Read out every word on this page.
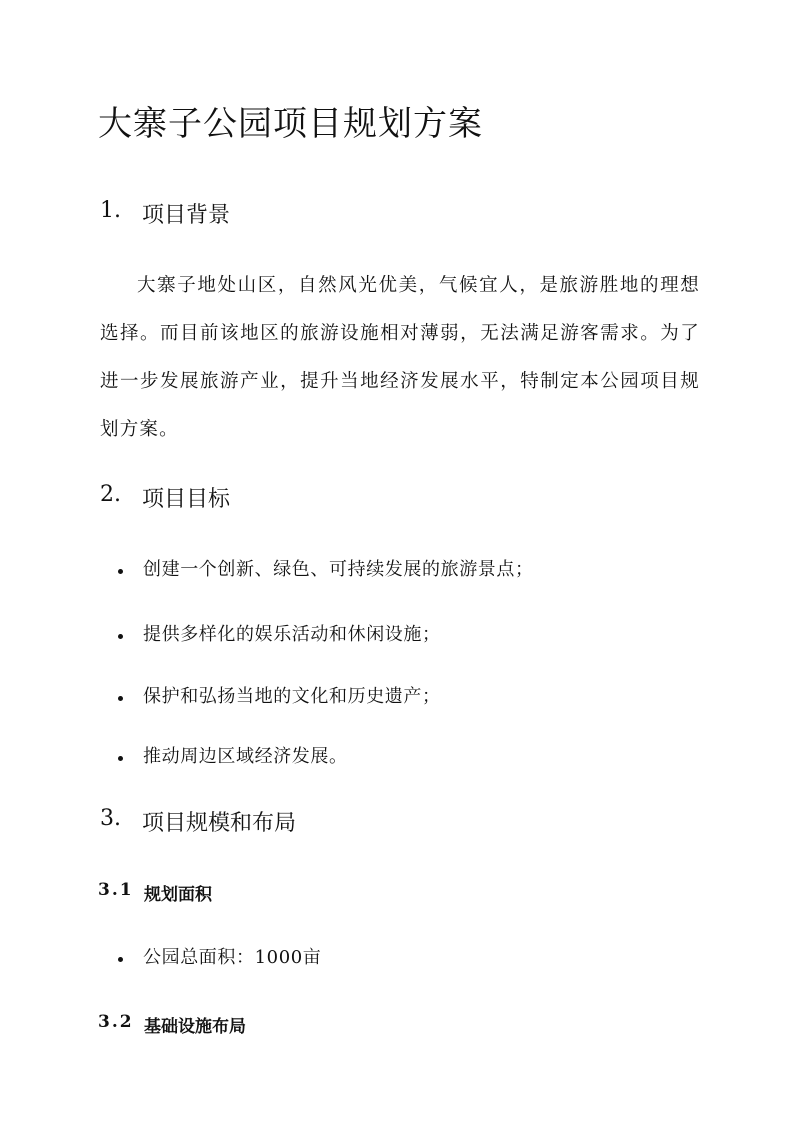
大寨子公园项目规划方案
1. 项目背景

大寨子地处山区，自然风光优美，气候宜人，是旅游胜地的理想选择。而目前该地区的旅游设施相对薄弱，无法满足游客需求。为了进一步发展旅游产业，提升当地经济发展水平，特制定本公园项目规划方案。

2. 项目目标
创建一个创新、绿色、可持续发展的旅游景点；
提供多样化的娱乐活动和休闲设施；
保护和弘扬当地的文化和历史遗产；
推动周边区域经济发展。
3. 项目规模和布局
3.1 规划面积
公园总面积：1000亩
3.2 基础设施布局
